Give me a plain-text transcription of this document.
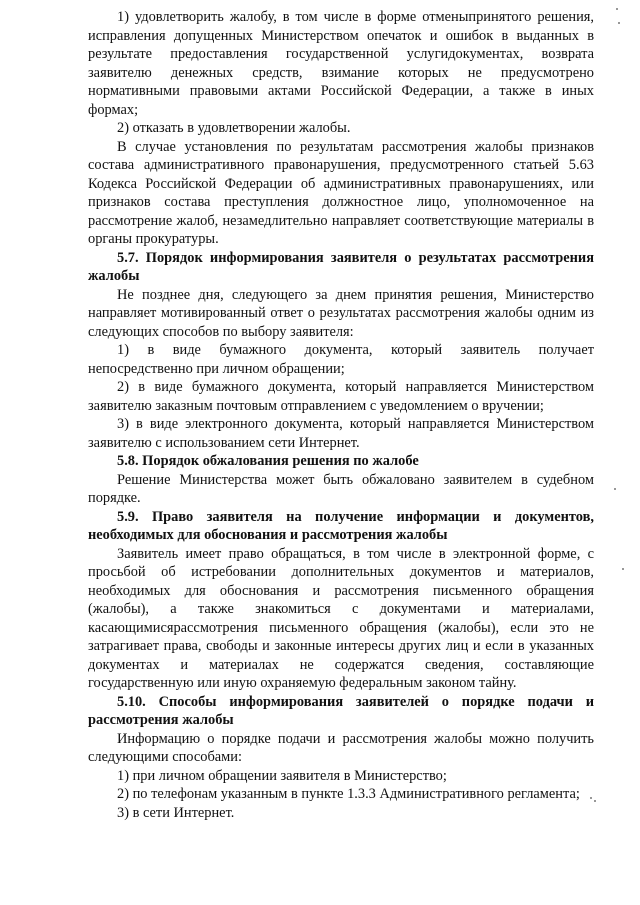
1) удовлетворить жалобу, в том числе в форме отменыпринятого решения, исправления допущенных Министерством опечаток и ошибок в выданных в результате предоставления государственной услугидокументах, возврата заявителю денежных средств, взимание которых не предусмотрено нормативными правовыми актами Российской Федерации, а также в иных формах;

2) отказать в удовлетворении жалобы.

В случае установления по результатам рассмотрения жалобы признаков состава административного правонарушения, предусмотренного статьей 5.63 Кодекса Российской Федерации об административных правонарушениях, или признаков состава преступления должностное лицо, уполномоченное на рассмотрение жалоб, незамедлительно направляет соответствующие материалы в органы прокуратуры.

5.7. Порядок информирования заявителя о результатах рассмотрения жалобы

Не позднее дня, следующего за днем принятия решения, Министерство направляет мотивированный ответ о результатах рассмотрения жалобы одним из следующих способов по выбору заявителя:

1) в виде бумажного документа, который заявитель получает непосредственно при личном обращении;

2) в виде бумажного документа, который направляется Министерством заявителю заказным почтовым отправлением с уведомлением о вручении;

3) в виде электронного документа, который направляется Министерством заявителю с использованием сети Интернет.

5.8. Порядок обжалования решения по жалобе

Решение Министерства может быть обжаловано заявителем в судебном порядке.

5.9. Право заявителя на получение информации и документов, необходимых для обоснования и рассмотрения жалобы

Заявитель имеет право обращаться, в том числе в электронной форме, с просьбой об истребовании дополнительных документов и материалов, необходимых для обоснования и рассмотрения письменного обращения (жалобы), а также знакомиться с документами и материалами, касающимисярассмотрения письменного обращения (жалобы), если это не затрагивает права, свободы и законные интересы других лиц и если в указанных документах и материалах не содержатся сведения, составляющие государственную или иную охраняемую федеральным законом тайну.

5.10. Способы информирования заявителей о порядке подачи и рассмотрения жалобы

Информацию о порядке подачи и рассмотрения жалобы можно получить следующими способами:

1) при личном обращении заявителя в Министерство;

2) по телефонам указанным в пункте 1.3.3 Административного регламента;

3) в сети Интернет.
